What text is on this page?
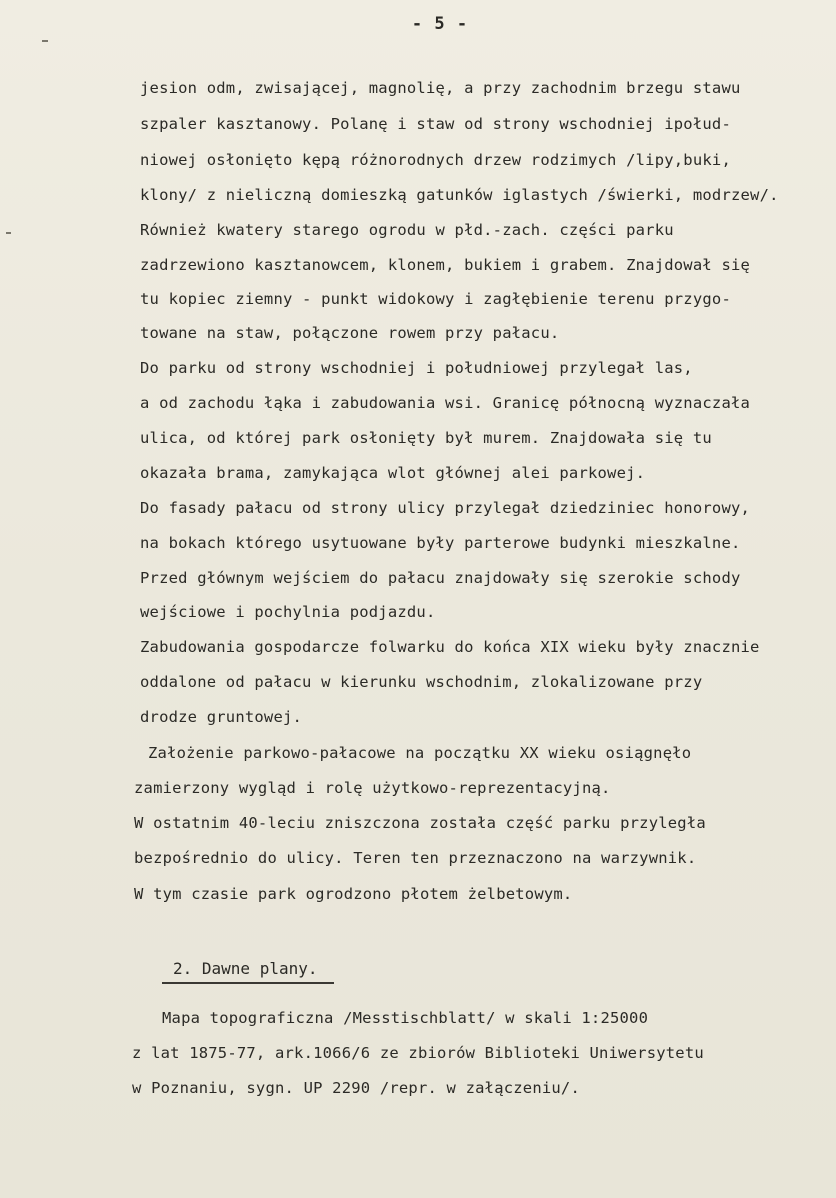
- 5 -
jesion odm, zwisającej, magnolię, a przy zachodnim brzegu stawu
szpaler kasztanowy. Polanę i staw od strony wschodniej ipołud-
niowej osłonięto kępą różnorodnych drzew rodzimych /lipy,buki,
klony/ z nieliczną domieszką gatunków iglastych /świerki, modrzew/.
Również kwatery starego ogrodu w płd.-zach. części parku
zadrzewiono kasztanowcem, klonem, bukiem i grabem. Znajdował się
tu kopiec ziemny - punkt widokowy i zagłębienie terenu przygo-
towane na staw, połączone rowem przy pałacu.
Do parku od strony wschodniej i południowej przylegał las,
a od zachodu łąka i zabudowania wsi. Granicę północną wyznaczała
ulica, od której park osłonięty był murem. Znajdowała się tu
okazała brama, zamykająca wlot głównej alei parkowej.
Do fasady pałacu od strony ulicy przylegał dziedziniec honorowy,
na bokach którego usytuowane były parterowe budynki mieszkalne.
Przed głównym wejściem do pałacu znajdowały się szerokie schody
wejściowe i pochylnia podjazdu.
Zabudowania gospodarcze folwarku do końca XIX wieku były znacznie
oddalone od pałacu w kierunku wschodnim, zlokalizowane przy
drodze gruntowej.
Założenie parkowo-pałacowe na początku XX wieku osiągnęło
zamierzony wygląd i rolę użytkowo-reprezentacyjną.
W ostatnim 40-leciu zniszczona została część parku przyległa
bezpośrednio do ulicy. Teren ten przeznaczono na warzywnik.
W tym czasie park ogrodzono płotem żelbetowym.
2. Dawne plany.
Mapa topograficzna /Messtischblatt/ w skali 1:25000
z lat 1875-77, ark.1066/6 ze zbiorów Biblioteki Uniwersytetu
w Poznaniu, sygn. UP 2290 /repr. w załączeniu/.
